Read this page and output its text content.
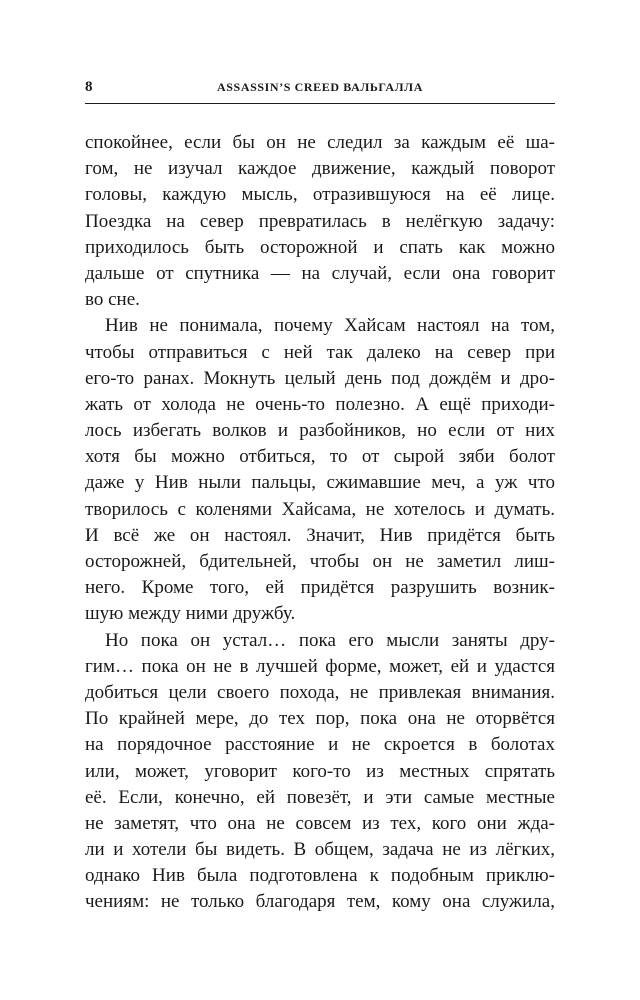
8	ASSASSIN’S CREED ВАЛЬГАЛЛА
спокойнее, если бы он не следил за каждым её ша-
гом, не изучал каждое движение, каждый поворот
головы, каждую мысль, отразившуюся на её лице.
Поездка на север превратилась в нелёгкую задачу:
приходилось быть осторожной и спать как можно
дальше от спутника — на случай, если она говорит
во сне.
Нив не понимала, почему Хайсам настоял на том,
чтобы отправиться с ней так далеко на север при
его-то ранах. Мокнуть целый день под дождём и дро-
жать от холода не очень-то полезно. А ещё приходи-
лось избегать волков и разбойников, но если от них
хотя бы можно отбиться, то от сырой зяби болот
даже у Нив ныли пальцы, сжимавшие меч, а уж что
творилось с коленями Хайсама, не хотелось и думать.
И всё же он настоял. Значит, Нив придётся быть
осторожней, бдительней, чтобы он не заметил лиш-
него. Кроме того, ей придётся разрушить возник-
шую между ними дружбу.
Но пока он устал… пока его мысли заняты дру-
гим… пока он не в лучшей форме, может, ей и удастся
добиться цели своего похода, не привлекая внимания.
По крайней мере, до тех пор, пока она не оторвётся
на порядочное расстояние и не скроется в болотах
или, может, уговорит кого-то из местных спрятать
её. Если, конечно, ей повезёт, и эти самые местные
не заметят, что она не совсем из тех, кого они жда-
ли и хотели бы видеть. В общем, задача не из лёгких,
однако Нив была подготовлена к подобным приклю-
чениям: не только благодаря тем, кому она служила,
